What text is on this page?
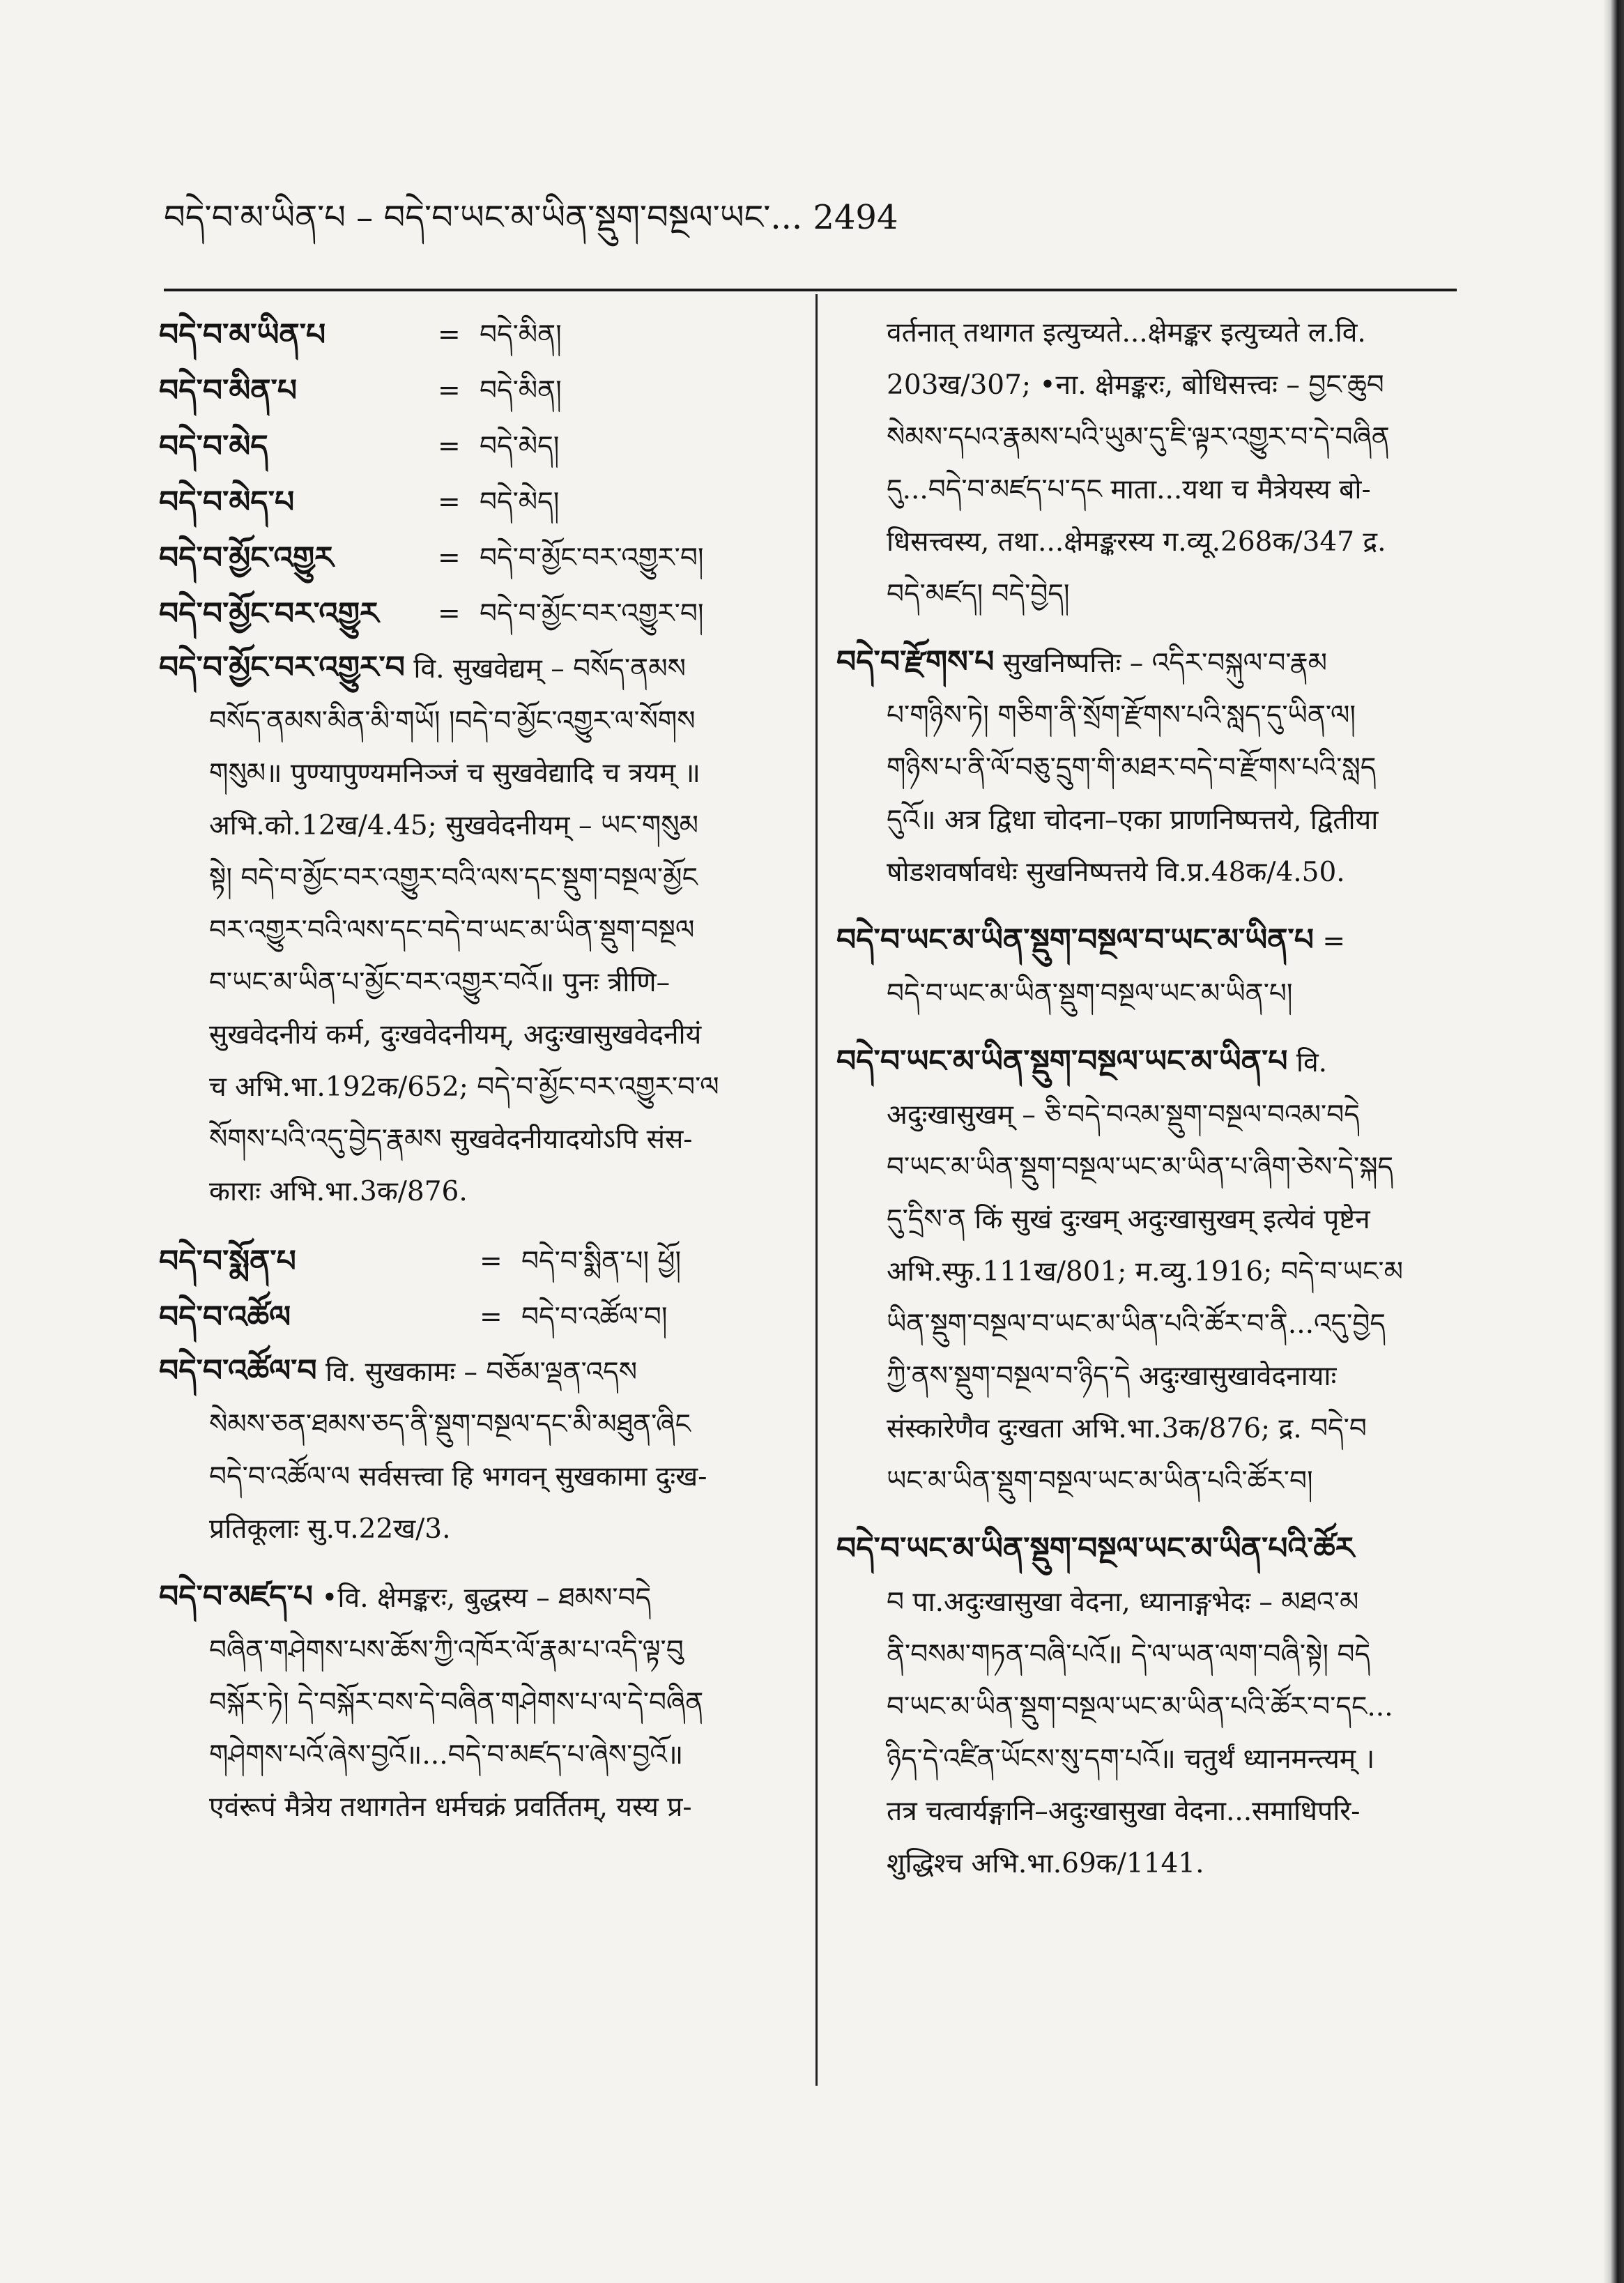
བདེ་བ་མ་ཡིན་པ – བདེ་བ་ཡང་མ་ཡིན་སྡུག་བསྔལ་ཡང་... 2494
བདེ་བ་མ་ཡིན་པ	= བདེ་མིན།
བདེ་བ་མིན་པ	= བདེ་མིན།
བདེ་བ་མེད	= བདེ་མེད།
བདེ་བ་མེད་པ	= བདེ་མེད།
བདེ་བ་མྱོང་འགྱུར	= བདེ་བ་མྱོང་བར་འགྱུར་བ།
བདེ་བ་མྱོང་བར་འགྱུར	= བདེ་བ་མྱོང་བར་འགྱུར་བ།

བདེ་བ་མྱོང་བར་འགྱུར་བ वि. सुखवेद्यम् – བསོད་ནམས

བསོད་ནམས་མིན་མི་གཡོ། །བདེ་བ་མྱོང་འགྱུར་ལ་སོགས

གསུམ॥ पुण्यापुण्यमनिञ्जं च सुखवेद्यादि च त्रयम् ॥

अभि.को.12ख/4.45; सुखवेदनीयम् – ཡང་གསུམ

སྟེ། བདེ་བ་མྱོང་བར་འགྱུར་བའི་ལས་དང་སྡུག་བསྔལ་མྱོང

བར་འགྱུར་བའི་ལས་དང་བདེ་བ་ཡང་མ་ཡིན་སྡུག་བསྔལ

བ་ཡང་མ་ཡིན་པ་མྱོང་བར་འགྱུར་བའོ॥ पुनः त्रीणि–

सुखवेदनीयं कर्म, दुःखवेदनीयम्, अदुःखासुखवेदनीयं

च अभि.भा.192क/652; བདེ་བ་མྱོང་བར་འགྱུར་བ་ལ

སོགས་པའི་འདུ་བྱེད་རྣམས सुखवेदनीयादयोऽपि संस-

काराः अभि.भा.3क/876.

བདེ་བ་སྨོན་པ	= བདེ་བ་སྨིན་པ། ཕྱོ།
བདེ་བ་འཚོལ	= བདེ་བ་འཚོལ་བ།

བདེ་བ་འཚོལ་བ वि. सुखकामः – བཅོམ་ལྡན་འདས

སེམས་ཅན་ཐམས་ཅད་ནི་སྡུག་བསྔལ་དང་མི་མཐུན་ཞིང

བདེ་བ་འཚོལ་ལ सर्वसत्त्वा हि भगवन् सुखकामा दुःख-

प्रतिकूलाः सु.प.22ख/3.

བདེ་བ་མཛད་པ •वि. क्षेमङ्करः, बुद्धस्य – ཐམས་བདེ

བཞིན་གཤེགས་པས་ཆོས་ཀྱི་འཁོར་ལོ་རྣམ་པ་འདི་ལྟ་བུ

བསྐོར་ཏེ། དེ་བསྐོར་བས་དེ་བཞིན་གཤེགས་པ་ལ་དེ་བཞིན

གཤེགས་པའོ་ཞེས་བྱའོ॥...བདེ་བ་མཛད་པ་ཞེས་བྱའོ॥

एवंरूपं मैत्रेय तथागतेन धर्मचक्रं प्रवर्तितम्, यस्य प्र-

वर्तनात् तथागत इत्युच्यते...क्षेमङ्कर इत्युच्यते ल.वि.

203ख/307; •ना. क्षेमङ्करः, बोधिसत्त्वः – བྱང་ཆུབ

སེམས་དཔའ་རྣམས་པའི་ཡུམ་དུ་ཇི་ལྟར་འགྱུར་བ་དེ་བཞིན

དུ...བདེ་བ་མཛད་པ་དང माता...यथा च मैत्रेयस्य बो-

धिसत्त्वस्य, तथा...क्षेमङ्करस्य ग.व्यू.268क/347 द्र.

བདེ་མཛད། བདེ་བྱེད།

བདེ་བ་རྫོགས་པ सुखनिष्पत्तिः – འདིར་བསྐུལ་བ་རྣམ

པ་གཉིས་ཏེ། གཅིག་ནི་སྲོག་རྫོགས་པའི་སླད་དུ་ཡིན་ལ།

གཉིས་པ་ནི་ལོ་བཅུ་དྲུག་གི་མཐར་བདེ་བ་རྫོགས་པའི་སླད

དུའོ॥ अत्र द्विधा चोदना–एका प्राणनिष्पत्तये, द्वितीया

षोडशवर्षावधेः सुखनिष्पत्तये वि.प्र.48क/4.50.

བདེ་བ་ཡང་མ་ཡིན་སྡུག་བསྔལ་བ་ཡང་མ་ཡིན་པ =

བདེ་བ་ཡང་མ་ཡིན་སྡུག་བསྔལ་ཡང་མ་ཡིན་པ།

བདེ་བ་ཡང་མ་ཡིན་སྡུག་བསྔལ་ཡང་མ་ཡིན་པ वि.

अदुःखासुखम् – ཅི་བདེ་བའམ་སྡུག་བསྔལ་བའམ་བདེ

བ་ཡང་མ་ཡིན་སྡུག་བསྔལ་ཡང་མ་ཡིན་པ་ཞིག་ཅེས་དེ་སྐད

དུ་དྲིས་ན किं सुखं दुःखम् अदुःखासुखम् इत्येवं पृष्टेन

अभि.स्फु.111ख/801; म.व्यु.1916; བདེ་བ་ཡང་མ

ཡིན་སྡུག་བསྔལ་བ་ཡང་མ་ཡིན་པའི་ཚོར་བ་ནི...འདུ་བྱེད

ཀྱི་ནས་སྡུག་བསྔལ་བ་ཉིད་དེ अदुःखासुखावेदनायाः

संस्कारेणैव दुःखता अभि.भा.3क/876; द्र. བདེ་བ

ཡང་མ་ཡིན་སྡུག་བསྔལ་ཡང་མ་ཡིན་པའི་ཚོར་བ།

བདེ་བ་ཡང་མ་ཡིན་སྡུག་བསྔལ་ཡང་མ་ཡིན་པའི་ཚོར

བ पा.अदुःखासुखा वेदना, ध्यानाङ्गभेदः – མཐའ་མ

ནི་བསམ་གཏན་བཞི་པའོ॥ དེ་ལ་ཡན་ལག་བཞི་སྟེ། བདེ

བ་ཡང་མ་ཡིན་སྡུག་བསྔལ་ཡང་མ་ཡིན་པའི་ཚོར་བ་དང...

ཉིད་དེ་འཛིན་ཡོངས་སུ་དག་པའོ॥ चतुर्थं ध्यानमन्त्यम् ।

तत्र चत्वार्यङ्गानि–अदुःखासुखा वेदना...समाधिपरि-

शुद्धिश्च अभि.भा.69क/1141.
